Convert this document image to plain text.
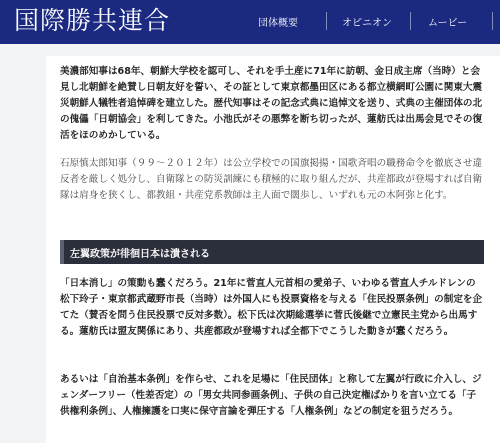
国際勝共連合	団体概要	オピニオン	ムービー

美濃部知事は68年、朝鮮大学校を認可し、それを手土産に71年に訪朝、金日成主席（当時）と会見し北朝鮮を絶賛し日朝友好を誓い、その証として東京都墨田区にある都立横網町公園に関東大震災朝鮮人犠牲者追悼碑を建立した。歴代知事はその記念式典に追悼文を送り、式典の主催団体の北の傀儡「日朝協会」を利してきた。小池氏がその悪弊を断ち切ったが、蓮舫氏は出馬会見でその復活をほのめかしている。

石原慎太郎知事（９９～２０１２年）は公立学校での国旗掲揚・国歌斉唱の職務命令を徹底させ違反者を厳しく処分し、自衛隊との防災訓練にも積極的に取り組んだが、共産都政が登場すれば自衛隊は肩身を狭くし、都教組・共産党系教師は主人面で闊歩し、いずれも元の木阿弥と化す。

左翼政策が徘徊日本は潰される

「日本消し」の策動も蠢くだろう。21年に菅直人元首相の愛弟子、いわゆる菅直人チルドレンの松下玲子・東京都武蔵野市長（当時）は外国人にも投票資格を与える「住民投票条例」の制定を企てた（賛否を問う住民投票で反対多数）。松下氏は次期総選挙に菅氏後継で立憲民主党から出馬する。蓮舫氏は盟友関係にあり、共産都政が登場すれば全都下でこうした動きが蠢くだろう。

あるいは「自治基本条例」を作らせ、これを足場に「住民団体」と称して左翼が行政に介入し、ジェンダーフリー（性差否定）の「男女共同参画条例」、子供の自己決定権ばかりを言い立てる「子供権利条例」、人権擁護を口実に保守言論を弾圧する「人権条例」などの制定を狙うだろう。
